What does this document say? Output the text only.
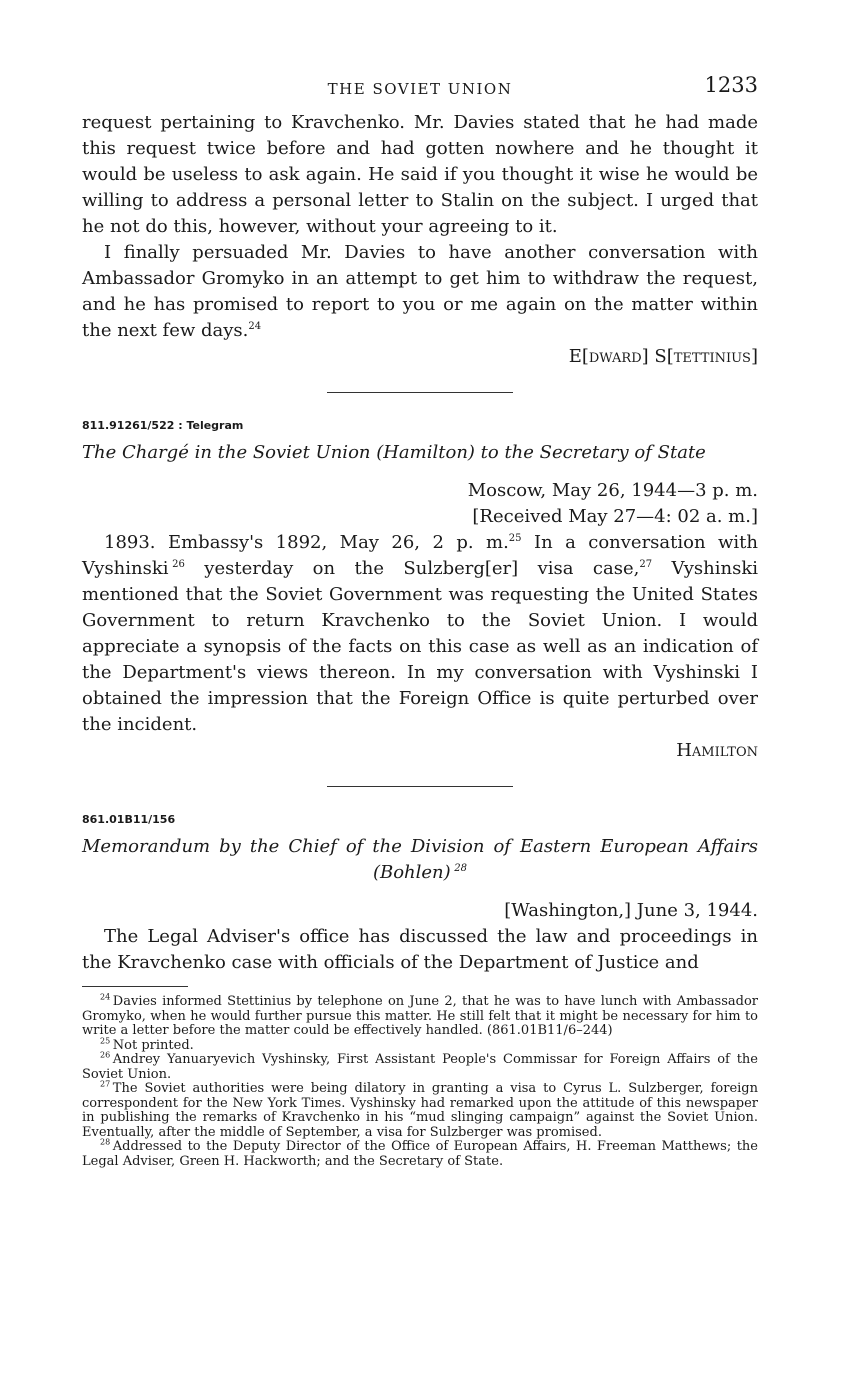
THE SOVIET UNION	1233

request pertaining to Kravchenko. Mr. Davies stated that he had made this request twice before and had gotten nowhere and he thought it would be useless to ask again. He said if you thought it wise he would be willing to address a personal letter to Stalin on the subject. I urged that he not do this, however, without your agreeing to it.

I finally persuaded Mr. Davies to have another conversation with Ambassador Gromyko in an attempt to get him to withdraw the request, and he has promised to report to you or me again on the matter within the next few days.$^{24}$

E[dward] S[tettinius]

811.91261/522 : Telegram

The Chargé in the Soviet Union (Hamilton) to the Secretary of State

Moscow, May 26, 1944—3 p. m.
[Received May 27—4: 02 a. m.]

1893. Embassy's 1892, May 26, 2 p. m.$^{25}$ In a conversation with Vyshinski  $^{26}$ yesterday on the Sulzberg[er] visa case,$^{27}$ Vyshinski mentioned that the Soviet Government was requesting the United States Government to return Kravchenko to the Soviet Union. I would appreciate a synopsis of the facts on this case as well as an indication of the Department's views thereon. In my conversation with Vyshinski I obtained the impression that the Foreign Office is quite perturbed over the incident.

Hamilton

861.01B11/156

Memorandum by the Chief of the Division of Eastern European Affairs (Bohlen)  $^{28}$

[Washington,] June 3, 1944.

The Legal Adviser's office has discussed the law and proceedings in the Kravchenko case with officials of the Department of Justice and

$^{24}$  Davies informed Stettinius by telephone on June 2, that he was to have lunch with Ambassador Gromyko, when he would further pursue this matter. He still felt that it might be necessary for him to write a letter before the matter could be effectively handled. (861.01B11/6–244)

$^{25}$  Not printed.

$^{26}$  Andrey Yanuaryevich Vyshinsky, First Assistant People's Commissar for Foreign Affairs of the Soviet Union.

$^{27}$  The Soviet authorities were being dilatory in granting a visa to Cyrus L. Sulzberger, foreign correspondent for the New York Times. Vyshinsky had remarked upon the attitude of this newspaper in publishing the remarks of Kravchenko in his “mud slinging campaign” against the Soviet Union. Eventually, after the middle of September, a visa for Sulzberger was promised.

$^{28}$  Addressed to the Deputy Director of the Office of European Affairs, H. Freeman Matthews; the Legal Adviser, Green H. Hackworth; and the Secretary of State.
